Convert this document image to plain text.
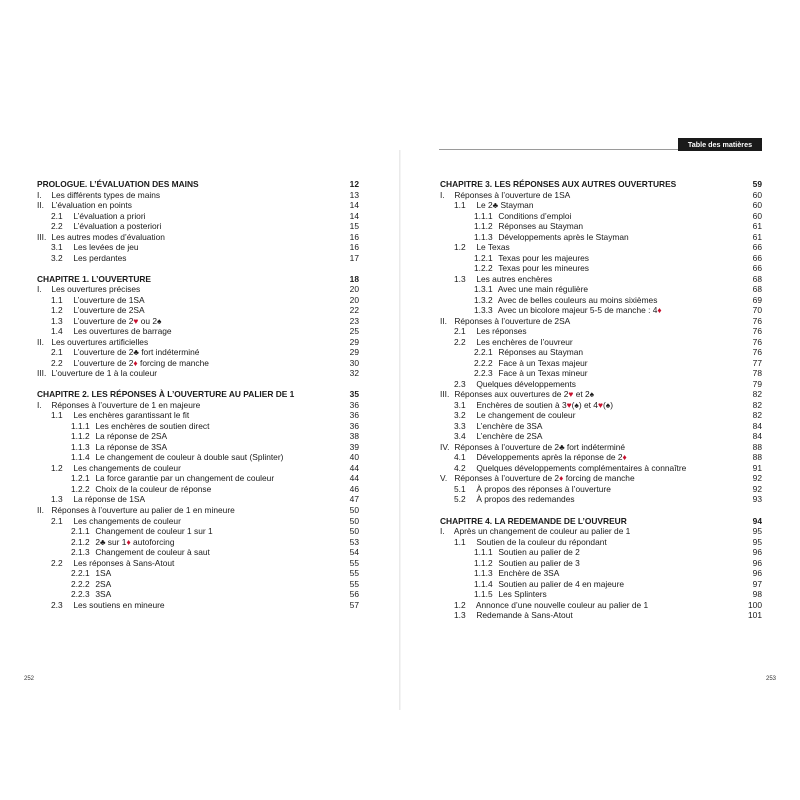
Table des matières
PROLOGUE. L’ÉVALUATION DES MAINS	12
I. Les différents types de mains	13
II. L’évaluation en points	14
2.1 L’évaluation a priori	14
2.2 L’évaluation a posteriori	15
III. Les autres modes d’évaluation	16
3.1 Les levées de jeu	16
3.2 Les perdantes	17
CHAPITRE 1. L’OUVERTURE	18
I. Les ouvertures précises	20
1.1 L’ouverture de 1SA	20
1.2 L’ouverture de 2SA	22
1.3 L’ouverture de 2♥ ou 2♠	23
1.4 Les ouvertures de barrage	25
II. Les ouvertures artificielles	29
2.1 L’ouverture de 2♣ fort indéterminé	29
2.2 L’ouverture de 2♦ forcing de manche	30
III. L’ouverture de 1 à la couleur	32
CHAPITRE 2. LES RÉPONSES À L’OUVERTURE AU PALIER DE 1	35
I. Réponses à l’ouverture de 1 en majeure	36
1.1 Les enchères garantissant le fit	36
1.1.1 Les enchères de soutien direct	36
1.1.2 La réponse de 2SA	38
1.1.3 La réponse de 3SA	39
1.1.4 Le changement de couleur à double saut (Splinter)	40
1.2 Les changements de couleur	44
1.2.1 La force garantie par un changement de couleur	44
1.2.2 Choix de la couleur de réponse	46
1.3 La réponse de 1SA	47
II. Réponses à l’ouverture au palier de 1 en mineure	50
2.1 Les changements de couleur	50
2.1.1 Changement de couleur 1 sur 1	50
2.1.2 2♣ sur 1♦ autoforcing	53
2.1.3 Changement de couleur à saut	54
2.2 Les réponses à Sans-Atout	55
2.2.1 1SA	55
2.2.2 2SA	55
2.2.3 3SA	56
2.3 Les soutiens en mineure	57
CHAPITRE 3. LES RÉPONSES AUX AUTRES OUVERTURES	59
I. Réponses à l’ouverture de 1SA	60
1.1 Le 2♣ Stayman	60
1.1.1 Conditions d’emploi	60
1.1.2 Réponses au Stayman	61
1.1.3 Développements après le Stayman	61
1.2 Le Texas	66
1.2.1 Texas pour les majeures	66
1.2.2 Texas pour les mineures	66
1.3 Les autres enchères	68
1.3.1 Avec une main régulière	68
1.3.2 Avec de belles couleurs au moins sixièmes	69
1.3.3 Avec un bicolore majeur 5-5 de manche : 4♦	70
II. Réponses à l’ouverture de 2SA	76
2.1 Les réponses	76
2.2 Les enchères de l’ouvreur	76
2.2.1 Réponses au Stayman	76
2.2.2 Face à un Texas majeur	77
2.2.3 Face à un Texas mineur	78
2.3 Quelques développements	79
III. Réponses aux ouvertures de 2♥ et 2♠	82
3.1 Enchères de soutien à 3♥(♠) et 4♥(♠)	82
3.2 Le changement de couleur	82
3.3 L’enchère de 3SA	84
3.4 L’enchère de 2SA	84
IV. Réponses à l’ouverture de 2♣ fort indéterminé	88
4.1 Développements après la réponse de 2♦	88
4.2 Quelques développements complémentaires à connaître	91
V. Réponses à l’ouverture de 2♦ forcing de manche	92
5.1 À propos des réponses à l’ouverture	92
5.2 À propos des redemandes	93
CHAPITRE 4. LA REDEMANDE DE L’OUVREUR	94
I. Après un changement de couleur au palier de 1	95
1.1 Soutien de la couleur du répondant	95
1.1.1 Soutien au palier de 2	96
1.1.2 Soutien au palier de 3	96
1.1.3 Enchère de 3SA	96
1.1.4 Soutien au palier de 4 en majeure	97
1.1.5 Les Splinters	98
1.2 Annonce d’une nouvelle couleur au palier de 1	100
1.3 Redemande à Sans-Atout	101
252	253
